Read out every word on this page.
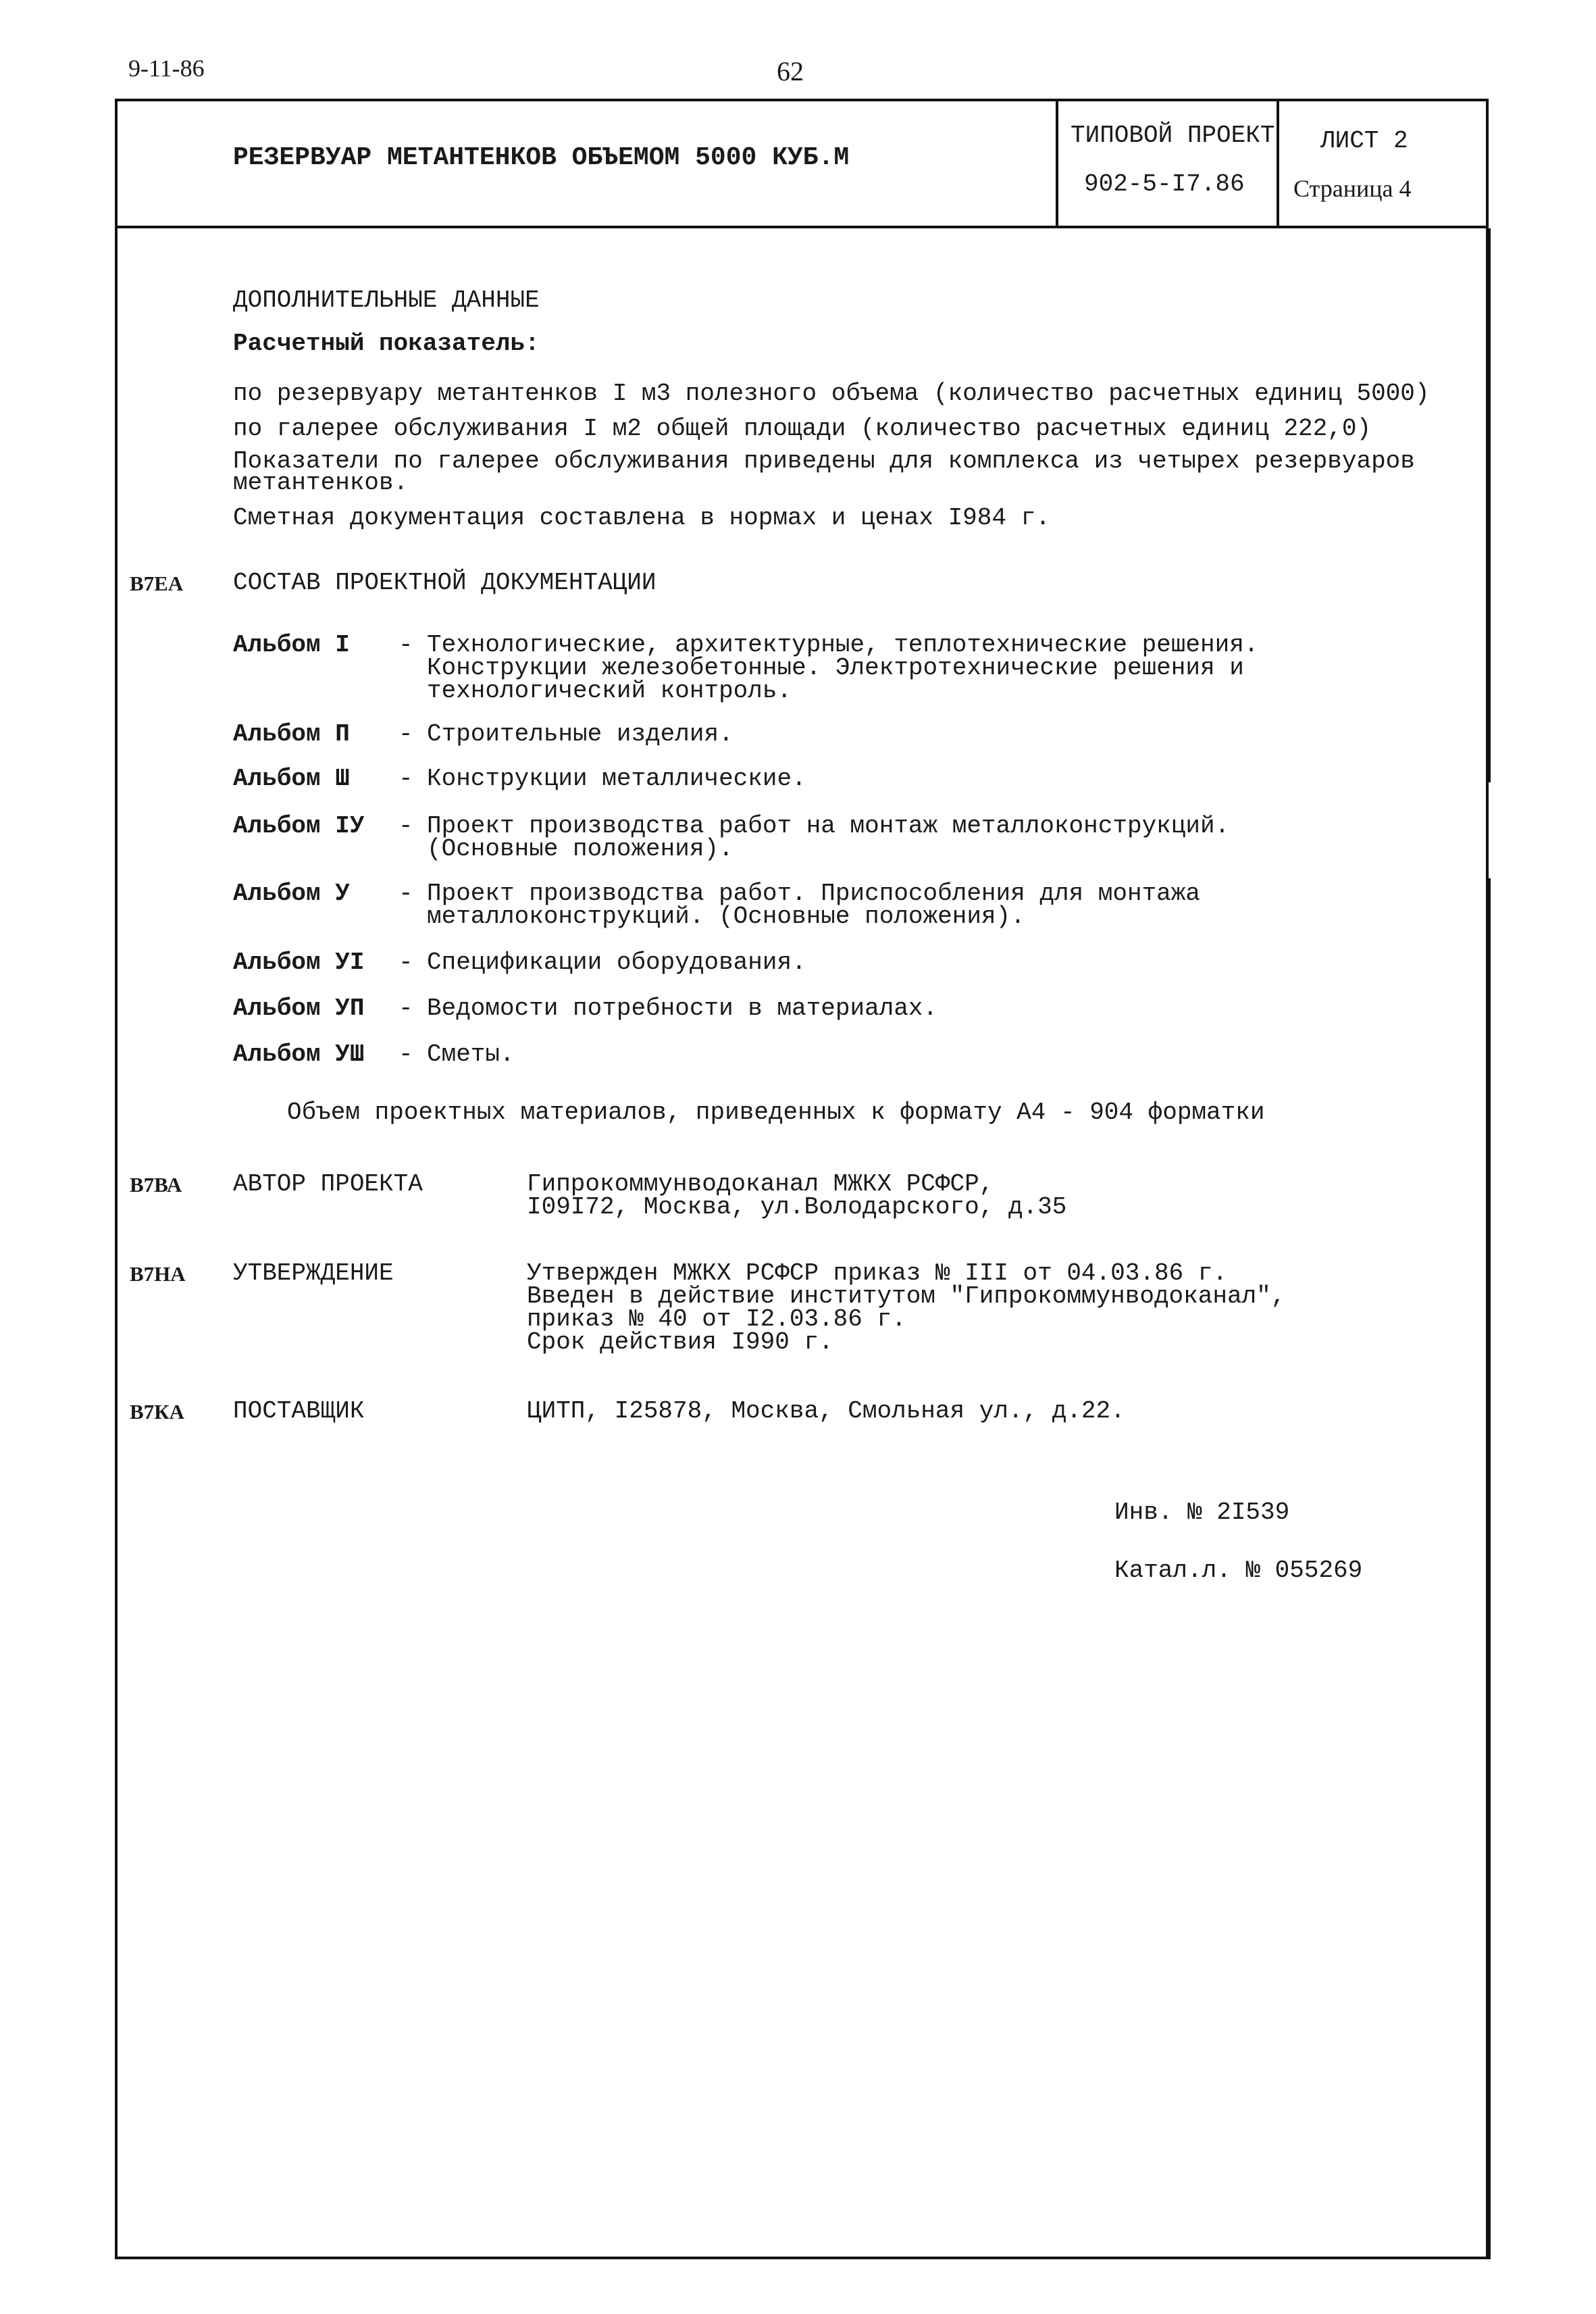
9-11-86	62
РЕЗЕРВУАР МЕТАНТЕНКОВ ОБЪЕМОМ 5000 КУБ.М
ТИПОВОЙ ПРОЕКТ
902-5-I7.86
ЛИСТ 2
Страница 4
ДОПОЛНИТЕЛЬНЫЕ ДАННЫЕ
Расчетный показатель:
по резервуару метантенков I м3 полезного объема (количество расчетных единиц 5000)
по галерее обслуживания I м2 общей площади (количество расчетных единиц 222,0)
Показатели по галерее обслуживания приведены для комплекса из четырех резервуаров
метантенков.
Сметная документация составлена в нормах и ценах I984 г.
В7ЕА СОСТАВ ПРОЕКТНОЙ ДОКУМЕНТАЦИИ
Альбом I - Технологические, архитектурные, теплотехнические решения.
Конструкции железобетонные. Электротехнические решения и
технологический контроль.
Альбом П - Строительные изделия.
Альбом Ш - Конструкции металлические.
Альбом IУ - Проект производства работ на монтаж металлоконструкций.
(Основные положения).
Альбом У - Проект производства работ. Приспособления для монтажа
металлоконструкций. (Основные положения).
Альбом УI - Спецификации оборудования.
Альбом УП - Ведомости потребности в материалах.
Альбом УШ - Сметы.
Объем проектных материалов, приведенных к формату А4 - 904 форматки
В7ВА АВТОР ПРОЕКТА	Гипрокоммунводоканал МЖКХ РСФСР,
I09I72, Москва, ул.Володарского, д.35
В7НА УТВЕРЖДЕНИЕ	Утвержден МЖКХ РСФСР приказ № III от 04.03.86 г.
Введен в действие институтом "Гипрокоммунводоканал",
приказ № 40 от I2.03.86 г.
Срок действия I990 г.
В7КА ПОСТАВЩИК	ЦИТП, I25878, Москва, Смольная ул., д.22.
Инв. № 2I539
Катал.л. № 055269
